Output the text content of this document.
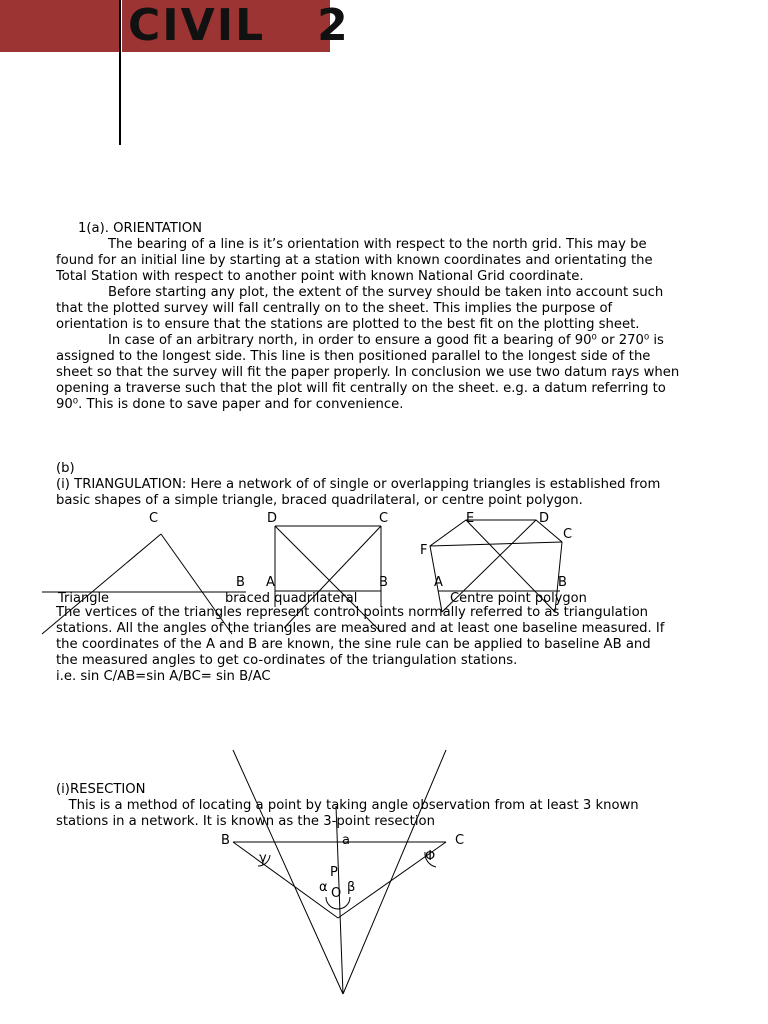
CIVIL   2
1(a). ORIENTATION
The bearing of a line is it’s orientation with respect to the north grid. This may be
found for an initial line by starting at a station with known coordinates and orientating the
Total Station with respect to another point with known National Grid coordinate.
Before starting any plot, the extent of the survey should be taken into account such
that the plotted survey will fall centrally on to the sheet. This implies the purpose of
orientation is to ensure that the stations are plotted to the best fit on the plotting sheet.
In case of an arbitrary north, in order to ensure a good fit a bearing of 90⁰ or 270⁰ is
assigned to the longest side. This line is then positioned parallel to the longest side of the
sheet so that the survey will fit the paper properly. In conclusion we use two datum rays when
opening a traverse such that the plot will fit centrally on the sheet. e.g. a datum referring to
90⁰. This is done to save paper and for convenience.
(b)
(i) TRIANGULATION: Here a network of of single or overlapping triangles is established from
basic shapes of a simple triangle, braced quadrilateral, or centre point polygon.
C
B
Triangle
D	C
A	B
braced quadrilateral
E	D
C
F
A	B
Centre point polygon
The vertices of the triangles represent control points normally referred to as triangulation
stations. All the angles of the triangles are measured and at least one baseline measured. If
the coordinates of the A and B are known, the sine rule can be applied to baseline AB and
the measured angles to get co-ordinates of the triangulation stations.
i.e. sin C/AB=sin A/BC= sin B/AC
(i)RESECTION
This is a method of locating a point by taking angle observation from at least 3 known
stations in a network. It is known as the 3-point resection
B	a	C
γ	Φ
P
α O β
